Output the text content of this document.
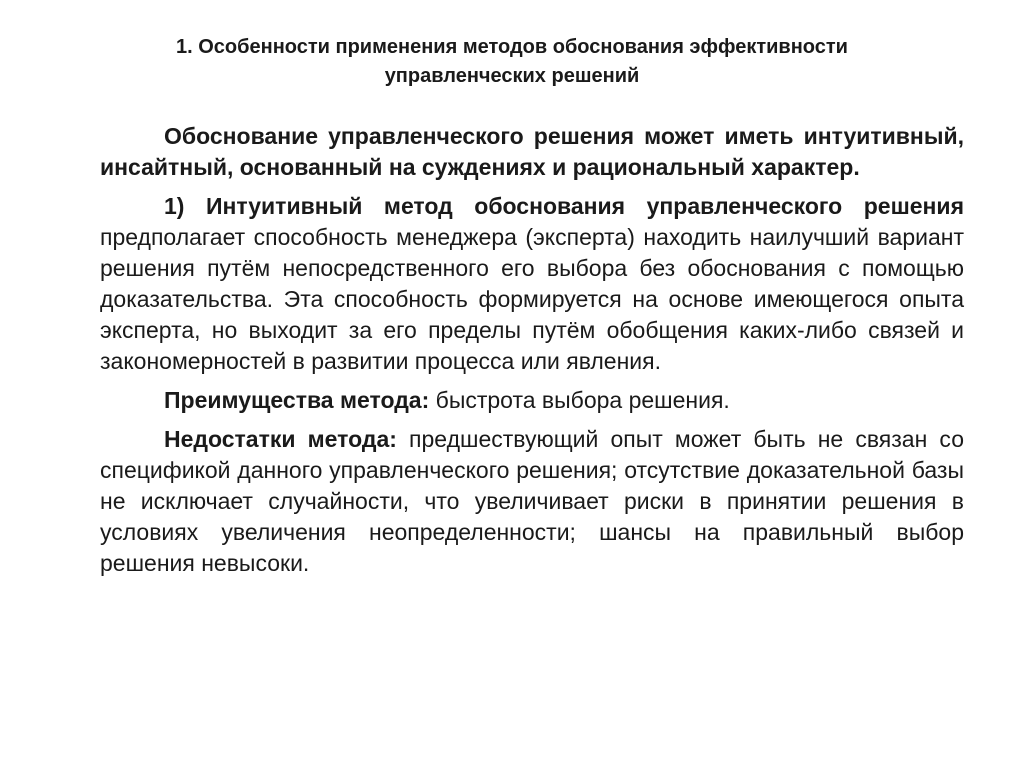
1. Особенности применения методов обоснования эффективности
управленческих решений

Обоснование управленческого решения может иметь интуитивный, инсайтный, основанный на суждениях и рациональный характер.

1) Интуитивный метод обоснования управленческого решения предполагает способность менеджера (эксперта) находить наилучший вариант решения путём непосредственного его выбора без обоснования с помощью доказательства. Эта способность формируется на основе имеющегося опыта эксперта, но выходит за его пределы путём обобщения каких-либо связей и закономерностей в развитии процесса или явления.

Преимущества метода: быстрота выбора решения.

Недостатки метода: предшествующий опыт может быть не связан со спецификой данного управленческого решения; отсутствие доказательной базы не исключает случайности, что увеличивает риски в принятии решения в условиях увеличения неопределенности; шансы на правильный выбор решения невысоки.
